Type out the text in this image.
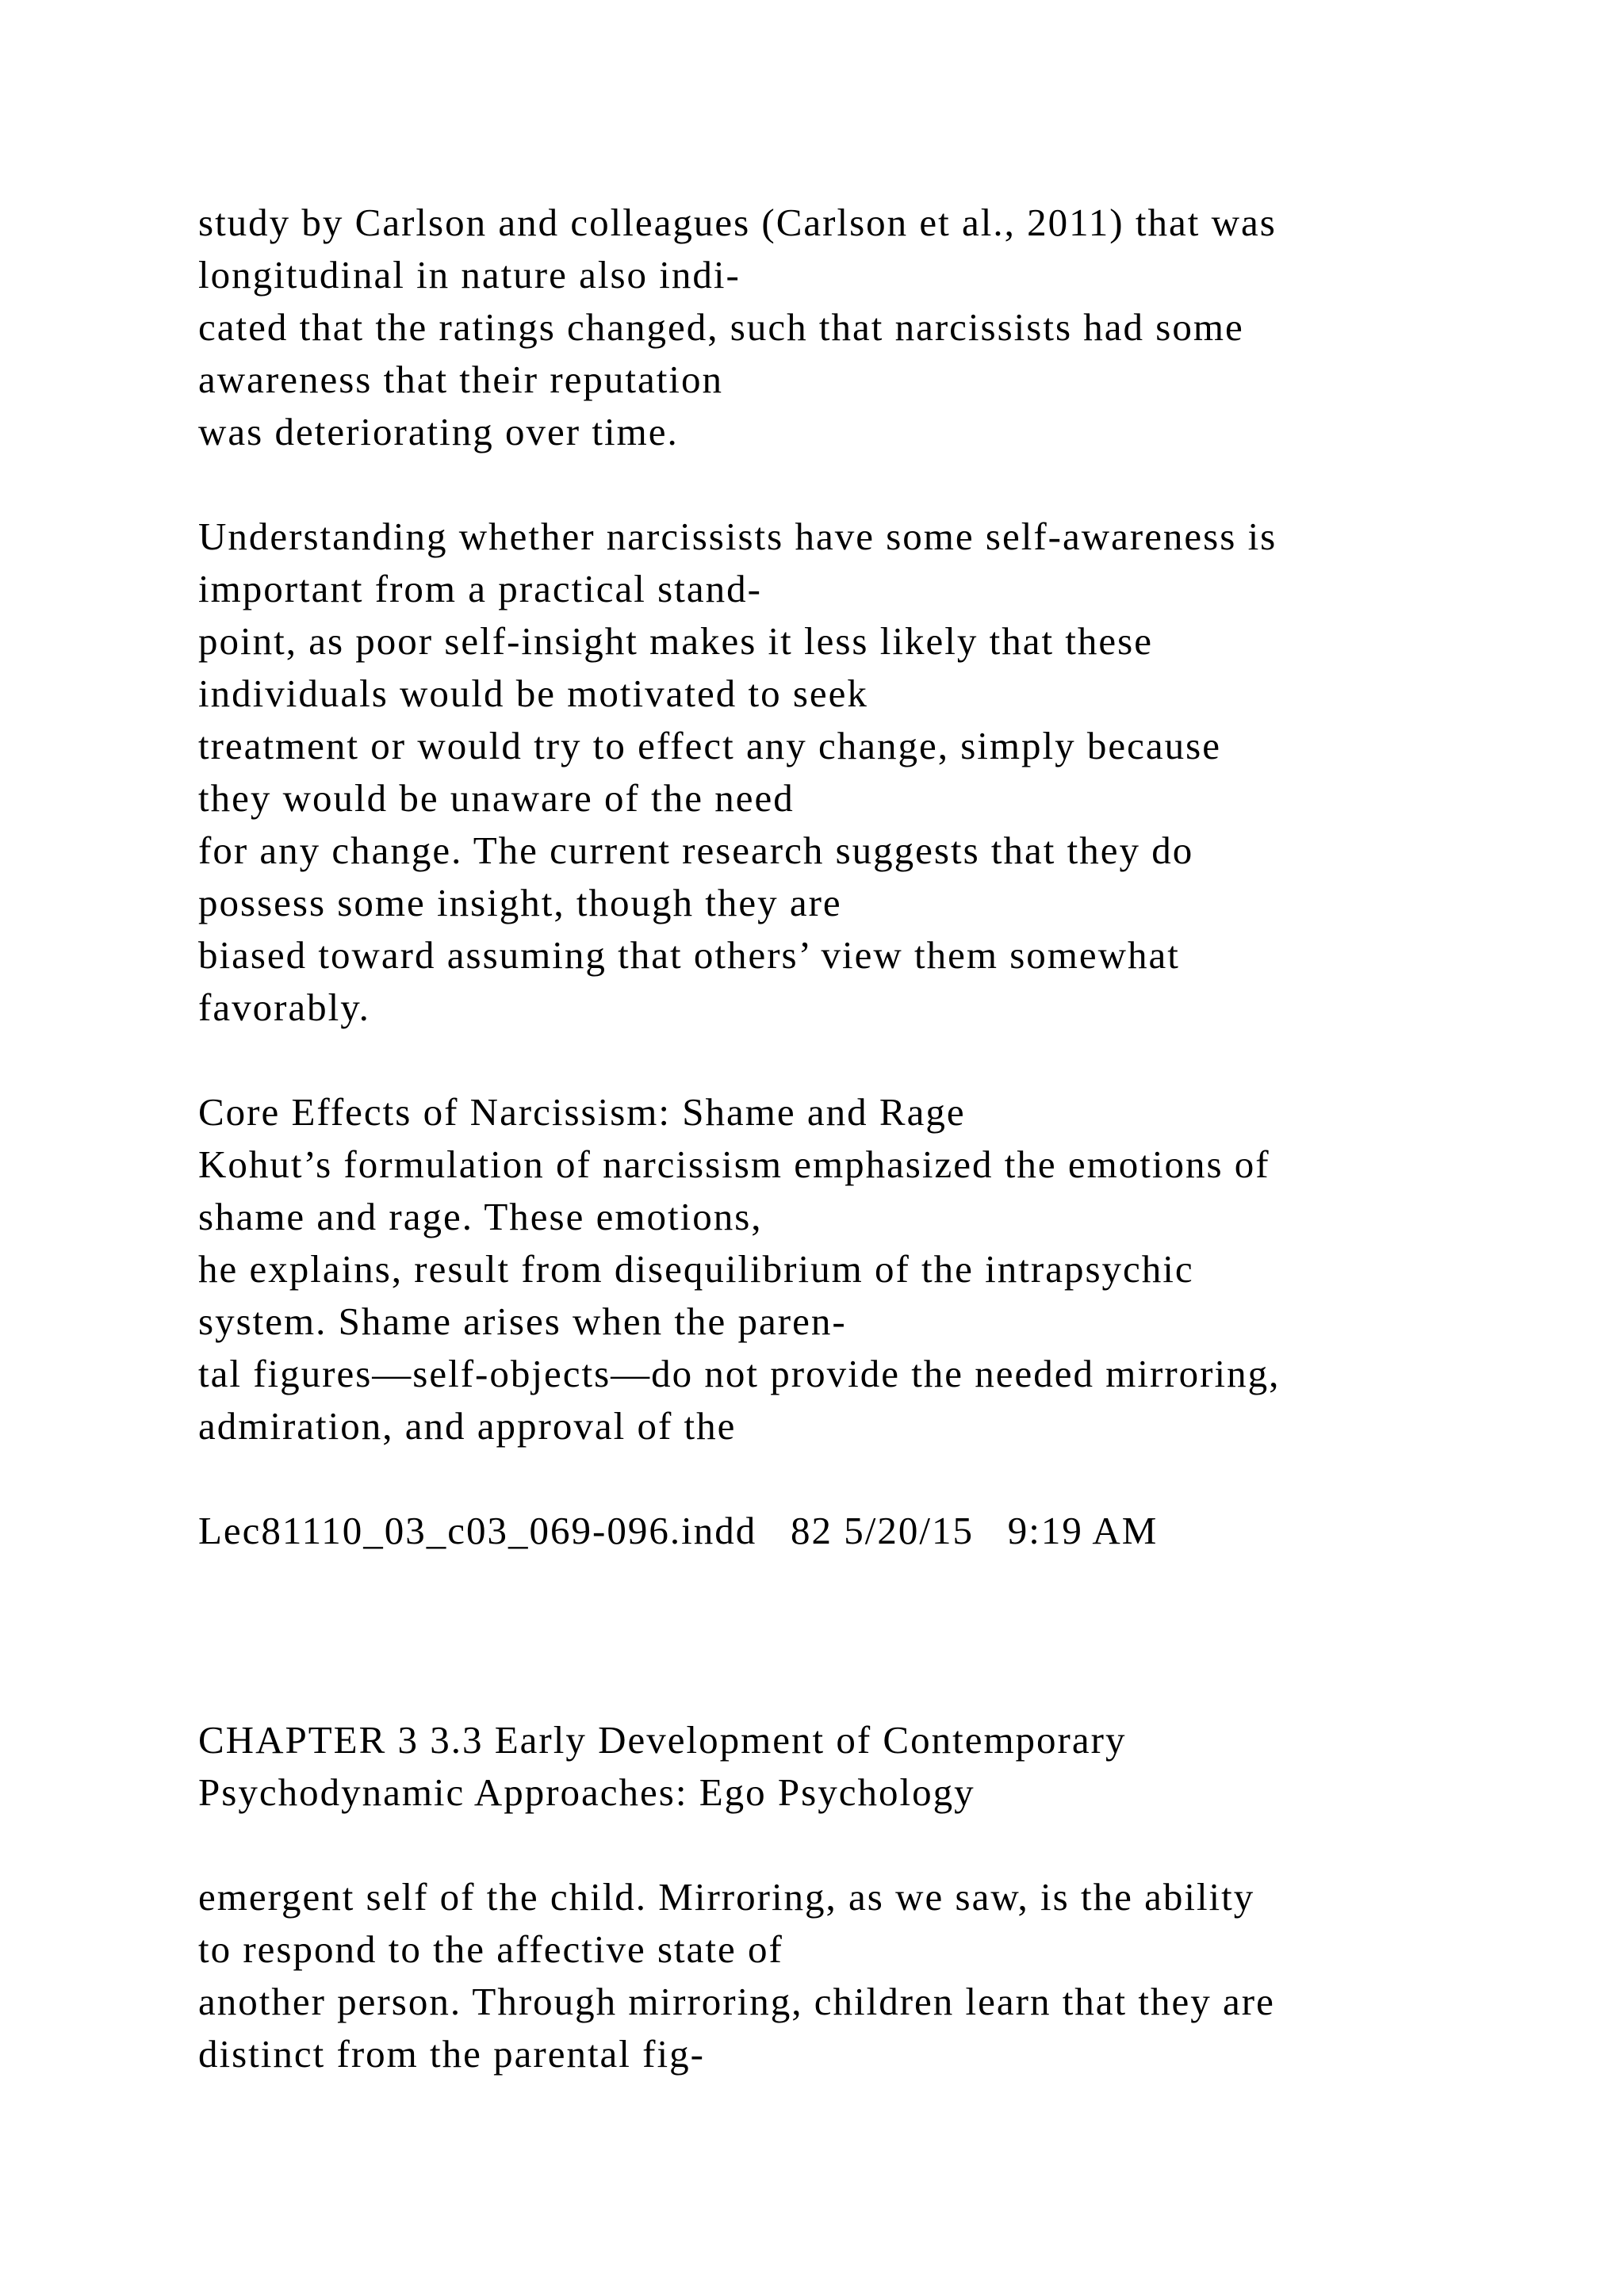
study by Carlson and colleagues (Carlson et al., 2011) that was
longitudinal in nature also indi-
cated that the ratings changed, such that narcissists had some
awareness that their reputation
was deteriorating over time.
Understanding whether narcissists have some self-awareness is
important from a practical stand-
point, as poor self-insight makes it less likely that these
individuals would be motivated to seek
treatment or would try to effect any change, simply because
they would be unaware of the need
for any change. The current research suggests that they do
possess some insight, though they are
biased toward assuming that others’ view them somewhat
favorably.
Core Effects of Narcissism: Shame and Rage
Kohut’s formulation of narcissism emphasized the emotions of
shame and rage. These emotions,
he explains, result from disequilibrium of the intrapsychic
system. Shame arises when the paren-
tal figures—self-objects—do not provide the needed mirroring,
admiration, and approval of the
Lec81110_03_c03_069-096.indd   82 5/20/15   9:19 AM
CHAPTER 3 3.3 Early Development of Contemporary
Psychodynamic Approaches: Ego Psychology
emergent self of the child. Mirroring, as we saw, is the ability
to respond to the affective state of
another person. Through mirroring, children learn that they are
distinct from the parental fig-
